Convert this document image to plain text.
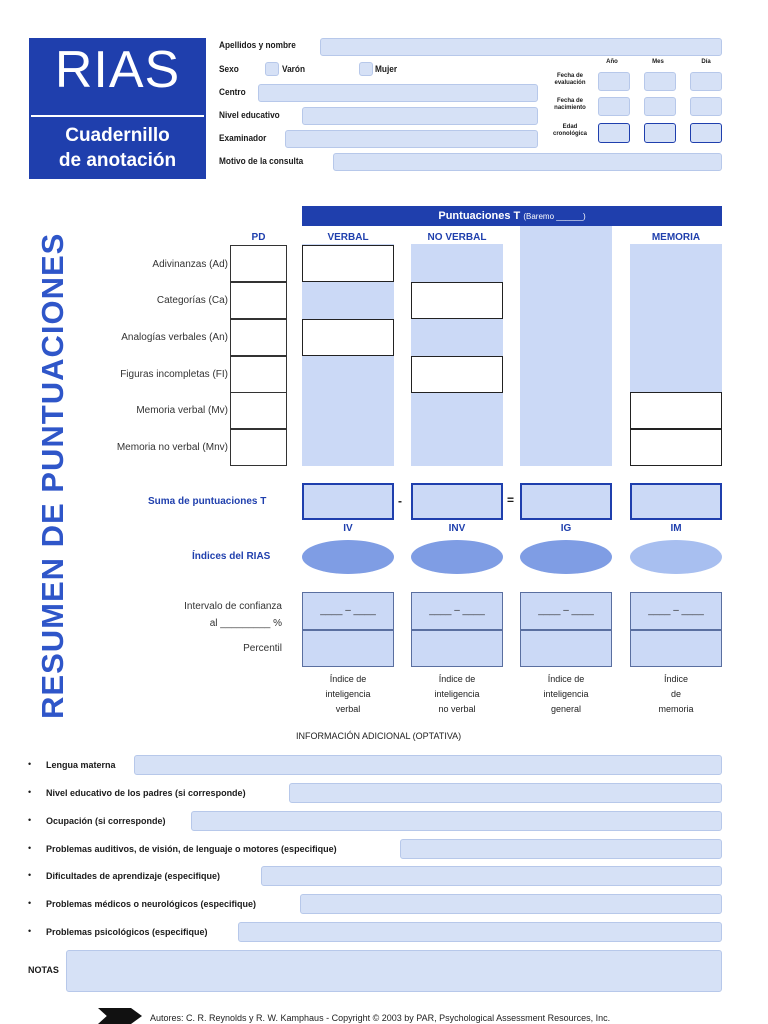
RIAS
Cuadernillo
de anotación
Apellidos y nombre
Sexo	Varón	Mujer
Centro
Nivel educativo
Examinador
Motivo de la consulta
Año	Mes	Día
Fecha de
evaluación
Fecha de
nacimiento
Edad
cronológica
RESUMEN DE PUNTUACIONES
Puntuaciones T (Baremo ______)
PD	VERBAL	NO VERBAL	MEMORIA
Adivinanzas (Ad)
Categorías (Ca)
Analogías verbales (An)
Figuras incompletas (FI)
Memoria verbal (Mv)
Memoria no verbal (Mnv)
Suma de puntuaciones T	-	=
IV	INV	IG	IM
Índices del RIAS
Intervalo de confianza
al _________ %
____ – ____	____ – ____	____ – ____	____ – ____
Percentil
Índice de
inteligencia
verbal
Índice de
inteligencia
no verbal
Índice de
inteligencia
general
Índice
de
memoria
INFORMACIÓN ADICIONAL (OPTATIVA)
• Lengua materna
• Nivel educativo de los padres (si corresponde)
• Ocupación (si corresponde)
• Problemas auditivos, de visión, de lenguaje o motores (especifique)
• Dificultades de aprendizaje (especifique)
• Problemas médicos o neurológicos (especifique)
• Problemas psicológicos (especifique)
NOTAS
Autores: C. R. Reynolds y R. W. Kamphaus - Copyright © 2003 by PAR, Psychological Assessment Resources, Inc.
